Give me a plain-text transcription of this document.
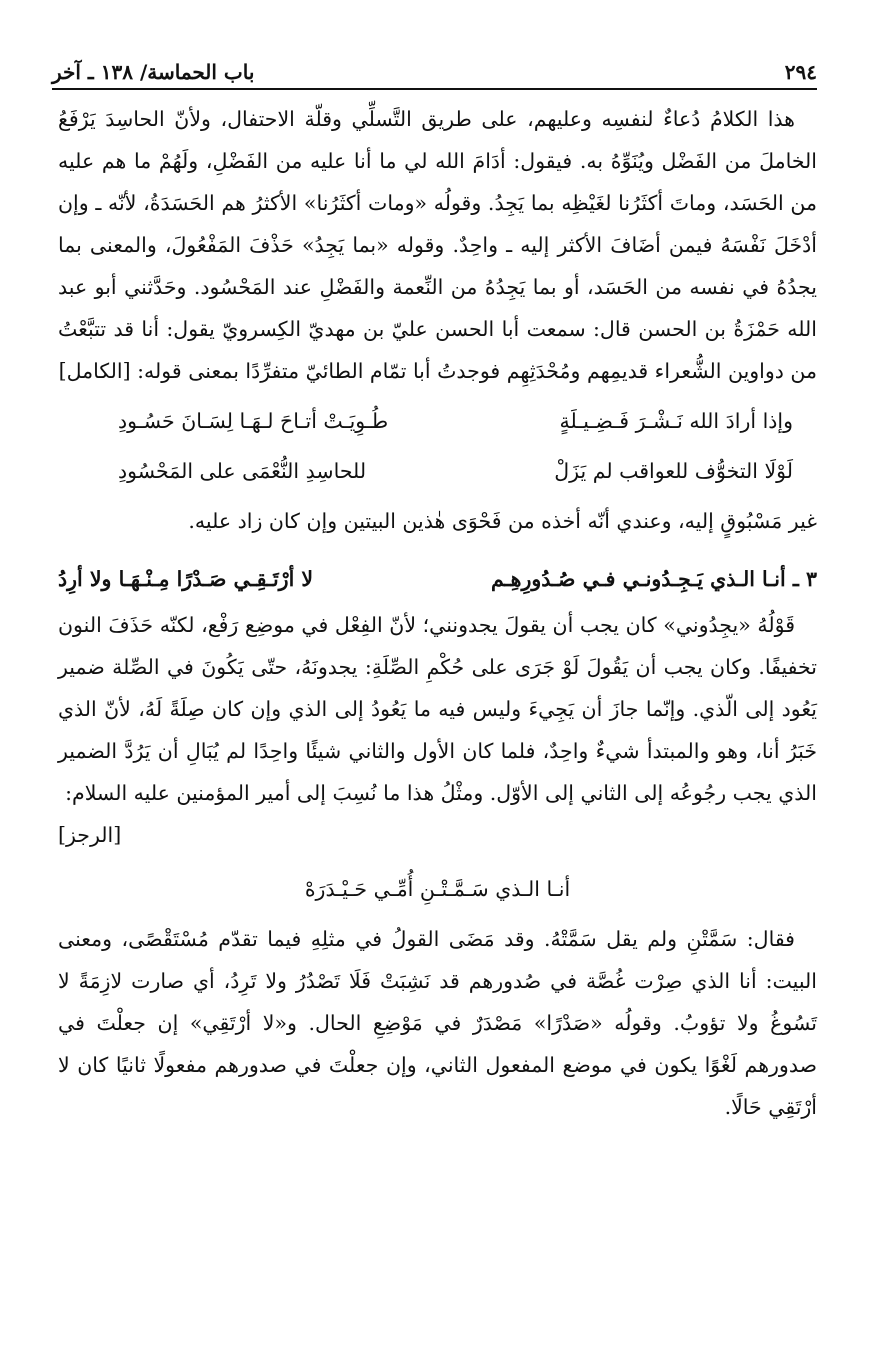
٢٩٤
باب الحماسة/ ١٣٨ ـ آخر

هذا الكلامُ دُعاءٌ لنفسِه وعليهم، على طريق التَّسلِّي وقلّة الاحتفال، ولأنّ الحاسِدَ يَرْفَعُ الخاملَ من الفَضْل ويُنَوِّهُ به. فيقول: أدَامَ الله لي ما أنا عليه من الفَضْلِ، ولَهُمْ ما هم عليه من الحَسَد، وماتَ أكثَرُنا لغَيْظِه بما يَجِدُ. وقولُه «ومات أكثَرُنا» الأكثرُ هم الحَسَدَةُ، لأنّه ـ وإن أدْخَلَ نَفْسَهُ فيمن أضَافَ الأكثر إليه ـ واحِدٌ. وقوله «بما يَجِدُ» حَذْفَ المَفْعُولَ، والمعنى بما يجدُهُ في نفسه من الحَسَد، أو بما يَجِدُهُ من النِّعمة والفَضْلِ عند المَحْسُود. وحَدَّثني أبو عبد الله حَمْزَةُ بن الحسن قال: سمعت أبا الحسن عليّ بن مهديّ الكِسرويّ يقول: أنا قد تتبَّعْتُ من دواوين الشُّعراء قديمِهم ومُحْدَثِهِم فوجدتُ أبا تمّام الطائيّ متفرِّدًا بمعنى قوله: [الكامل]

وإذا أرادَ الله نَـشْـرَ فَـضِـيـلَةٍ
طُـوِيَـتْ أتـاحَ لـهَـا لِسَـانَ حَسُـودِ
لَوْلَا التخوُّف للعواقب لم يَزَلْ
للحاسِدِ النُّعْمَى على المَحْسُودِ

غير مَسْبُوقٍ إليه، وعندي أنّه أخذه من فَحْوَى هٰذين البيتين وإن كان زاد عليه.

٣ ـ أنـا الـذي يَـجِـدُونـي فـي صُـدُورِهِـم
لا أرْتَـقِـي صَـدْرًا مِـنْـهَـا ولا أرِدُ

قَوْلُهُ «يجِدُوني» كان يجب أن يقولَ يجدونني؛ لأنّ الفِعْل في موضِع رَفْع، لكنّه حَذَفَ النون تخفيفًا. وكان يجب أن يَقُولَ لَوْ جَرَى على حُكْمِ الصِّلَةِ: يجدونَهُ، حتّى يَكُونَ في الصِّلة ضمير يَعُود إلى الّذي. وإنّما جازَ أن يَجِيءَ وليس فيه ما يَعُودُ إلى الذي وإن كان صِلَةً لَهُ، لأنّ الذي خَبَرُ أنا، وهو والمبتدأ شيءٌ واحِدٌ، فلما كان الأول والثاني شيئًا واحِدًا لم يُبَالِ أن يَرُدَّ الضمير الذي يجب رجُوعُه إلى الثاني إلى الأوّل. ومثْلُ هذا ما نُسِبَ إلى أمير المؤمنين عليه السلام:

[الرجز]
أنـا الـذي سَـمَّـتْـنِ أُمِّـي حَـيْـدَرَهْ

فقال: سَمَّتْنِ ولم يقل سَمَّتْهُ. وقد مَضَى القولُ في مثلِهِ فيما تقدّم مُسْتَقْصًى، ومعنى البيت: أنا الذي صِرْت غُصَّة في صُدورهم قد نَشِبَتْ فَلَا تَصْدُرُ ولا تَرِدُ، أي صارت لازِمَةً لا تَسُوغُ ولا تؤوبُ. وقولُه «صَدْرًا» مَصْدَرٌ في مَوْضِعِ الحال. و«لا أرْتَقِي» إن جعلْتَ في صدورهم لَغْوًا يكون في موضع المفعول الثاني، وإن جعلْتَ في صدورهم مفعولًا ثانيًا كان لا أرْتَقِي حَالًا.
